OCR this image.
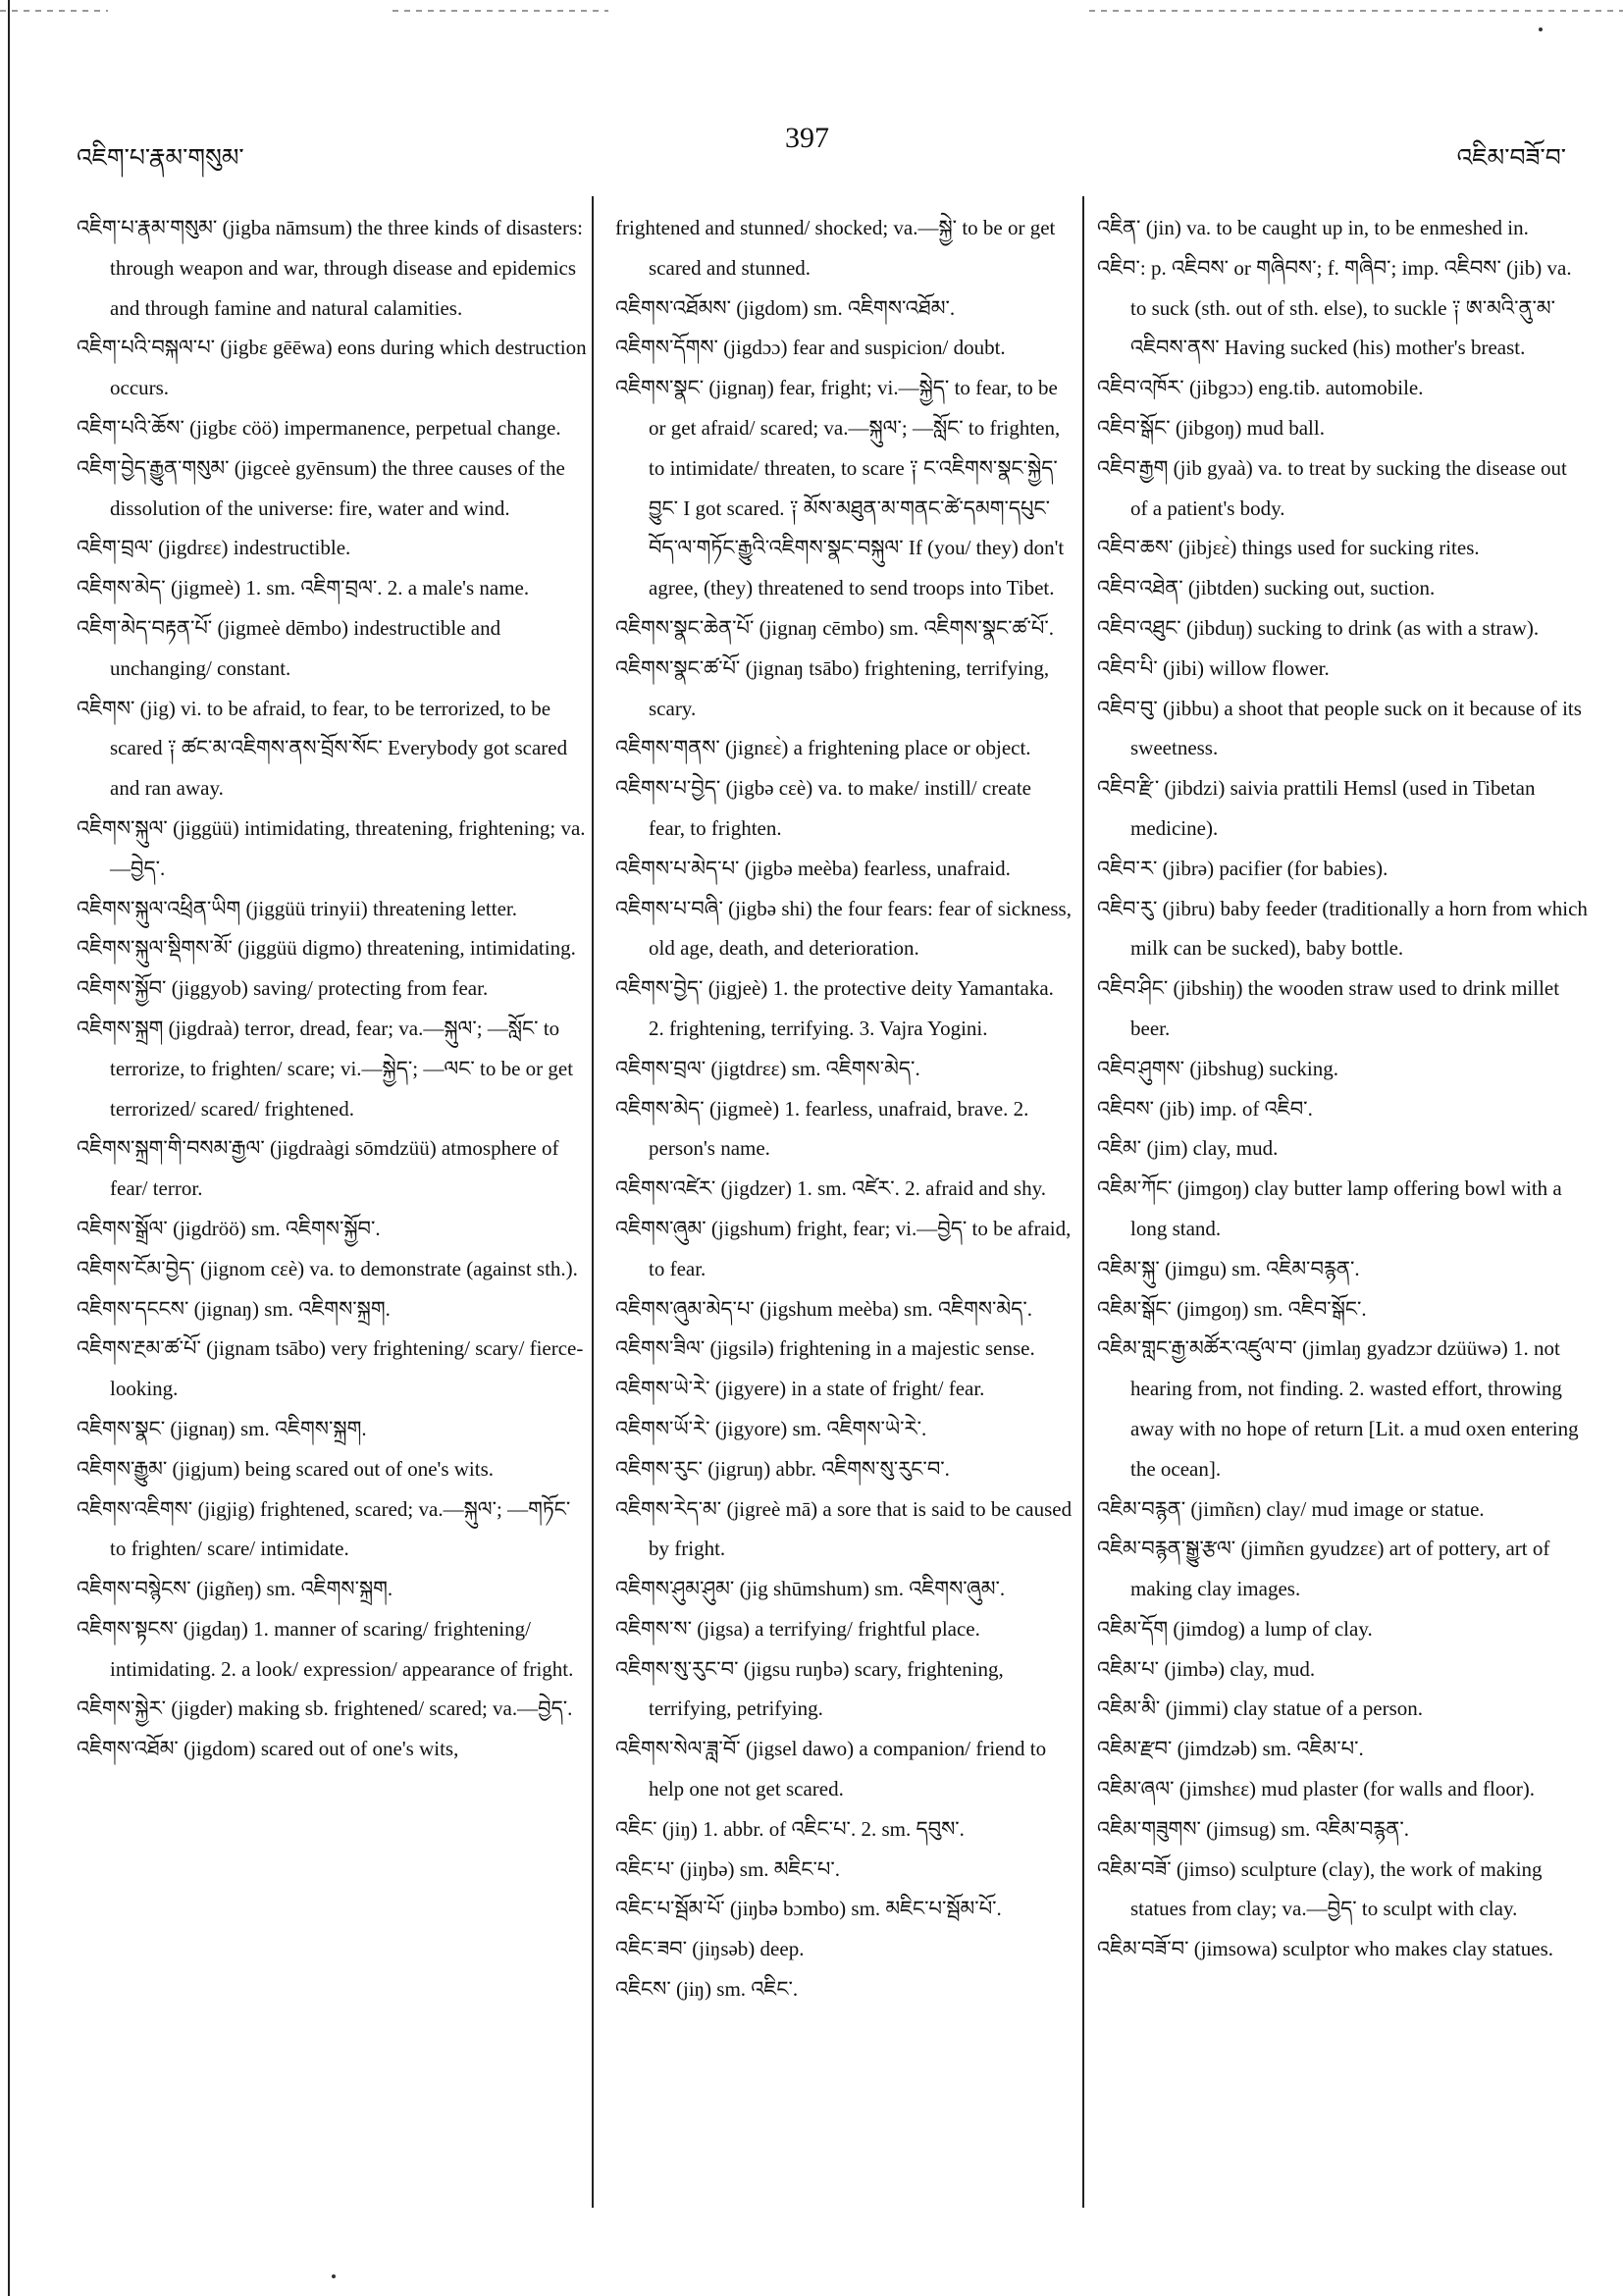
འཇིག་པ་རྣམ་གསུམ་
397
འཇིམ་བཟོ་བ་

འཇིག་པ་རྣམ་གསུམ་ (jigba nāmsum) the three kinds of disasters: through weapon and war, through disease and epidemics and through famine and natural calamities.

འཇིག་པའི་བསྐལ་པ་ (jigbɛ gēēwa) eons during which destruction occurs.

འཇིག་པའི་ཆོས་ (jigbɛ cöö) impermanence, perpetual change.

འཇིག་བྱེད་རྒྱུན་གསུམ་ (jigceè gyēnsum) the three causes of the dissolution of the universe: fire, water and wind.

འཇིག་བྲལ་ (jigdrɛɛ) indestructible.

འཇིགས་མེད་ (jigmeè) 1. sm. འཇིག་བྲལ་. 2. a male's name.

འཇིག་མེད་བརྟན་པོ་ (jigmeè dēmbo) indestructible and unchanging/ constant.

འཇིགས་ (jig) vi. to be afraid, to fear, to be terrorized, to be scared ༑ ཚང་མ་འཇིགས་ནས་བྲོས་སོང་ Everybody got scared and ran away.

འཇིགས་སྐུལ་ (jiggüü) intimidating, threatening, frightening; va.—བྱེད་.

འཇིགས་སྐུལ་འཕྲིན་ཡིག (jiggüü trinyii) threatening letter.

འཇིགས་སྐུལ་སྡིགས་མོ་ (jiggüü digmo) threatening, intimidating.

འཇིགས་སྐྱོབ་ (jiggyob) saving/ protecting from fear.

འཇིགས་སྐྲག (jigdraà) terror, dread, fear; va.—སྐུལ་; —སློང་ to terrorize, to frighten/ scare; vi.—སྐྱེད་; —ལང་ to be or get terrorized/ scared/ frightened.

འཇིགས་སྐྲག་གི་བསམ་རྒྱལ་ (jigdraàgi sōmdzüü) atmosphere of fear/ terror.

འཇིགས་སྒྲོལ་ (jigdröö) sm. འཇིགས་སྐྱོབ་.

འཇིགས་ངོམ་བྱེད་ (jignom cɛè) va. to demonstrate (against sth.).

འཇིགས་དངངས་ (jignaŋ) sm. འཇིགས་སྐྲག.

འཇིགས་རྔམ་ཚ་པོ་ (jignam tsābo) very frightening/ scary/ fierce-looking.

འཇིགས་སྣང་ (jignaŋ) sm. འཇིགས་སྐྲག.

འཇིགས་རྒྱུམ་ (jigjum) being scared out of one's wits.

འཇིགས་འཇིགས་ (jigjig) frightened, scared; va.—སྐུལ་; —གཏོང་ to frighten/ scare/ intimidate.

འཇིགས་བསྙེངས་ (jigñeŋ) sm. འཇིགས་སྐྲག.

འཇིགས་སྟངས་ (jigdaŋ) 1. manner of scaring/ frightening/ intimidating. 2. a look/ expression/ appearance of fright.

འཇིགས་སྐྱེར་ (jigder) making sb. frightened/ scared; va.—བྱེད་.

འཇིགས་འཐོམ་ (jigdom) scared out of one's wits,

frightened and stunned/ shocked; va.—སྐྱེ་ to be or get scared and stunned.

འཇིགས་འཐོམས་ (jigdom) sm. འཇིགས་འཐོམ་.

འཇིགས་དོགས་ (jigdɔɔ) fear and suspicion/ doubt.

འཇིགས་སྣང་ (jignaŋ) fear, fright; vi.—སྐྱེད་ to fear, to be or get afraid/ scared; va.—སྐུལ་; —སློང་ to frighten, to intimidate/ threaten, to scare ༑ ང་འཇིགས་སྣང་སྐྱེད་བྱུང་ I got scared. ༑ མོས་མཐུན་མ་གནང་ཚེ་དམག་དཔུང་བོད་ལ་གཏོང་རྒྱུའི་འཇིགས་སྣང་བསྐུལ་ If (you/ they) don't agree, (they) threatened to send troops into Tibet.

འཇིགས་སྣང་ཆེན་པོ་ (jignaŋ cēmbo) sm. འཇིགས་སྣང་ཚ་པོ་.

འཇིགས་སྣང་ཚ་པོ་ (jignaŋ tsābo) frightening, terrifying, scary.

འཇིགས་གནས་ (jignɛɛ̀) a frightening place or object.

འཇིགས་པ་བྱེད་ (jigbə cɛè) va. to make/ instill/ create fear, to frighten.

འཇིགས་པ་མེད་པ་ (jigbə meèba) fearless, unafraid.

འཇིགས་པ་བཞི་ (jigbə shi) the four fears: fear of sickness, old age, death, and deterioration.

འཇིགས་བྱེད་ (jigjeè) 1. the protective deity Yamantaka. 2. frightening, terrifying. 3. Vajra Yogini.

འཇིགས་བྲལ་ (jigtdrɛɛ) sm. འཇིགས་མེད་.

འཇིགས་མེད་ (jigmeè) 1. fearless, unafraid, brave. 2. person's name.

འཇིགས་འཛེར་ (jigdzer) 1. sm. འཛེར་. 2. afraid and shy.

འཇིགས་ཞུམ་ (jigshum) fright, fear; vi.—བྱེད་ to be afraid, to fear.

འཇིགས་ཞུམ་མེད་པ་ (jigshum meèba) sm. འཇིགས་མེད་.

འཇིགས་ཟིལ་ (jigsilə) frightening in a majestic sense.

འཇིགས་ཡེ་རེ་ (jigyere) in a state of fright/ fear.

འཇིགས་ཡོ་རེ་ (jigyore) sm. འཇིགས་ཡེ་རེ་.

འཇིགས་རུང་ (jigruŋ) abbr. འཇིགས་སུ་རུང་བ་.

འཇིགས་རེད་མ་ (jigreè mā) a sore that is said to be caused by fright.

འཇིགས་ཤུམ་ཤུམ་ (jig shūmshum) sm. འཇིགས་ཞུམ་.

འཇིགས་ས་ (jigsa) a terrifying/ frightful place.

འཇིགས་སུ་རུང་བ་ (jigsu ruŋbə) scary, frightening, terrifying, petrifying.

འཇིགས་སེལ་ཟླ་བོ་ (jigsel dawo) a companion/ friend to help one not get scared.

འཇིང་ (jiŋ) 1. abbr. of འཇིང་པ་. 2. sm. དབུས་.

འཇིང་པ་ (jiŋbə) sm. མཇིང་པ་.

འཇིང་པ་སྦོམ་པོ་ (jiŋbə bɔmbo) sm. མཇིང་པ་སྦོམ་པོ་.

འཇིང་ཟབ་ (jiŋsəb) deep.

འཇིངས་ (jiŋ) sm. འཇིང་.

འཇིན་ (jin) va. to be caught up in, to be enmeshed in.

འཇིབ་: p. འཇིབས་ or གཞིབས་; f. གཞིབ་; imp. འཇིབས་ (jib) va. to suck (sth. out of sth. else), to suckle ༑ ཨ་མའི་ནུ་མ་འཇིབས་ནས་ Having sucked (his) mother's breast.

འཇིབ་འཁོར་ (jibgɔɔ) eng.tib. automobile.

འཇིབ་སྒོང་ (jibgoŋ) mud ball.

འཇིབ་རྒྱག (jib gyaà) va. to treat by sucking the disease out of a patient's body.

འཇིབ་ཆས་ (jibjɛɛ̀) things used for sucking rites.

འཇིབ་འཐེན་ (jibtden) sucking out, suction.

འཇིབ་འཐུང་ (jibduŋ) sucking to drink (as with a straw).

འཇིབ་པི་ (jibi) willow flower.

འཇིབ་བུ་ (jibbu) a shoot that people suck on it because of its sweetness.

འཇིབ་རྫི་ (jibdzi) saivia prattili Hemsl (used in Tibetan medicine).

འཇིབ་ར་ (jibrə) pacifier (for babies).

འཇིབ་རུ་ (jibru) baby feeder (traditionally a horn from which milk can be sucked), baby bottle.

འཇིབ་ཤིང་ (jibshiŋ) the wooden straw used to drink millet beer.

འཇིབ་ཤུགས་ (jibshug) sucking.

འཇིབས་ (jib) imp. of འཇིབ་.

འཇིམ་ (jim) clay, mud.

འཇིམ་ཀོང་ (jimgoŋ) clay butter lamp offering bowl with a long stand.

འཇིམ་སྐུ་ (jimgu) sm. འཇིམ་བརྙན་.

འཇིམ་སྒོང་ (jimgoŋ) sm. འཇིབ་སྒོང་.

འཇིམ་གླང་རྒྱ་མཚོར་འཛུལ་བ་ (jimlaŋ gyadzɔr dzüüwə) 1. not hearing from, not finding. 2. wasted effort, throwing away with no hope of return [Lit. a mud oxen entering the ocean].

འཇིམ་བརྙན་ (jimñɛn) clay/ mud image or statue.

འཇིམ་བརྙན་སྒྱུ་རྩལ་ (jimñɛn gyudzɛɛ) art of pottery, art of making clay images.

འཇིམ་དོག (jimdog) a lump of clay.

འཇིམ་པ་ (jimbə) clay, mud.

འཇིམ་མི་ (jimmi) clay statue of a person.

འཇིམ་རྫབ་ (jimdzəb) sm. འཇིམ་པ་.

འཇིམ་ཞལ་ (jimshɛɛ) mud plaster (for walls and floor).

འཇིམ་གཟུགས་ (jimsug) sm. འཇིམ་བརྙན་.

འཇིམ་བཟོ་ (jimso) sculpture (clay), the work of making statues from clay; va.—བྱེད་ to sculpt with clay.

འཇིམ་བཟོ་བ་ (jimsowa) sculptor who makes clay statues.
